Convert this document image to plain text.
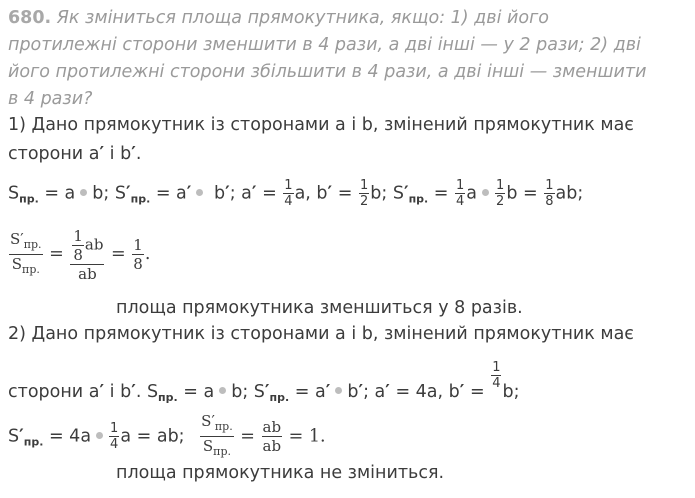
680. Як зміниться площа прямокутника, якщо: 1) дві його
протилежні сторони зменшити в 4 рази, а дві інші — у 2 рази; 2) дві
його протилежні сторони збільшити в 4 рази, а дві інші — зменшити
в 4 рази?
1) Дано прямокутник із сторонами a і b, змінений прямокутник має
сторони a′ і b′.
$S_{пр.} = a$ b; $S'_{пр.} = a'$ b′; $a' = \frac{1}{4} a$, $b' = \frac{1}{2} b$; $S'_{пр.} = \frac{1}{4}$ a $\frac{1}{2}$ $b = \frac{1}{8}$ ab;
$\frac{S'_{пр.}}{S_{пр.}} = \frac{\frac{1}{8} ab}{ab} = \frac{1}{8}$ .
площа прямокутника зменшиться у 8 разів.
2) Дано прямокутник із сторонами a і b, змінений прямокутник має
сторони a′ і b′. $S_{пр.} = a$ b; $S'_{пр.} = a'$ b′; a′ = 4a, b′ =
$\frac{1}{4}$
b;
$S'_{пр.} = 4a \frac{1}{4}$ a = ab; $\frac{S'_{пр.}}{S_{пр.}} = \frac{ab}{ab} = 1$.
площа прямокутника не зміниться.
